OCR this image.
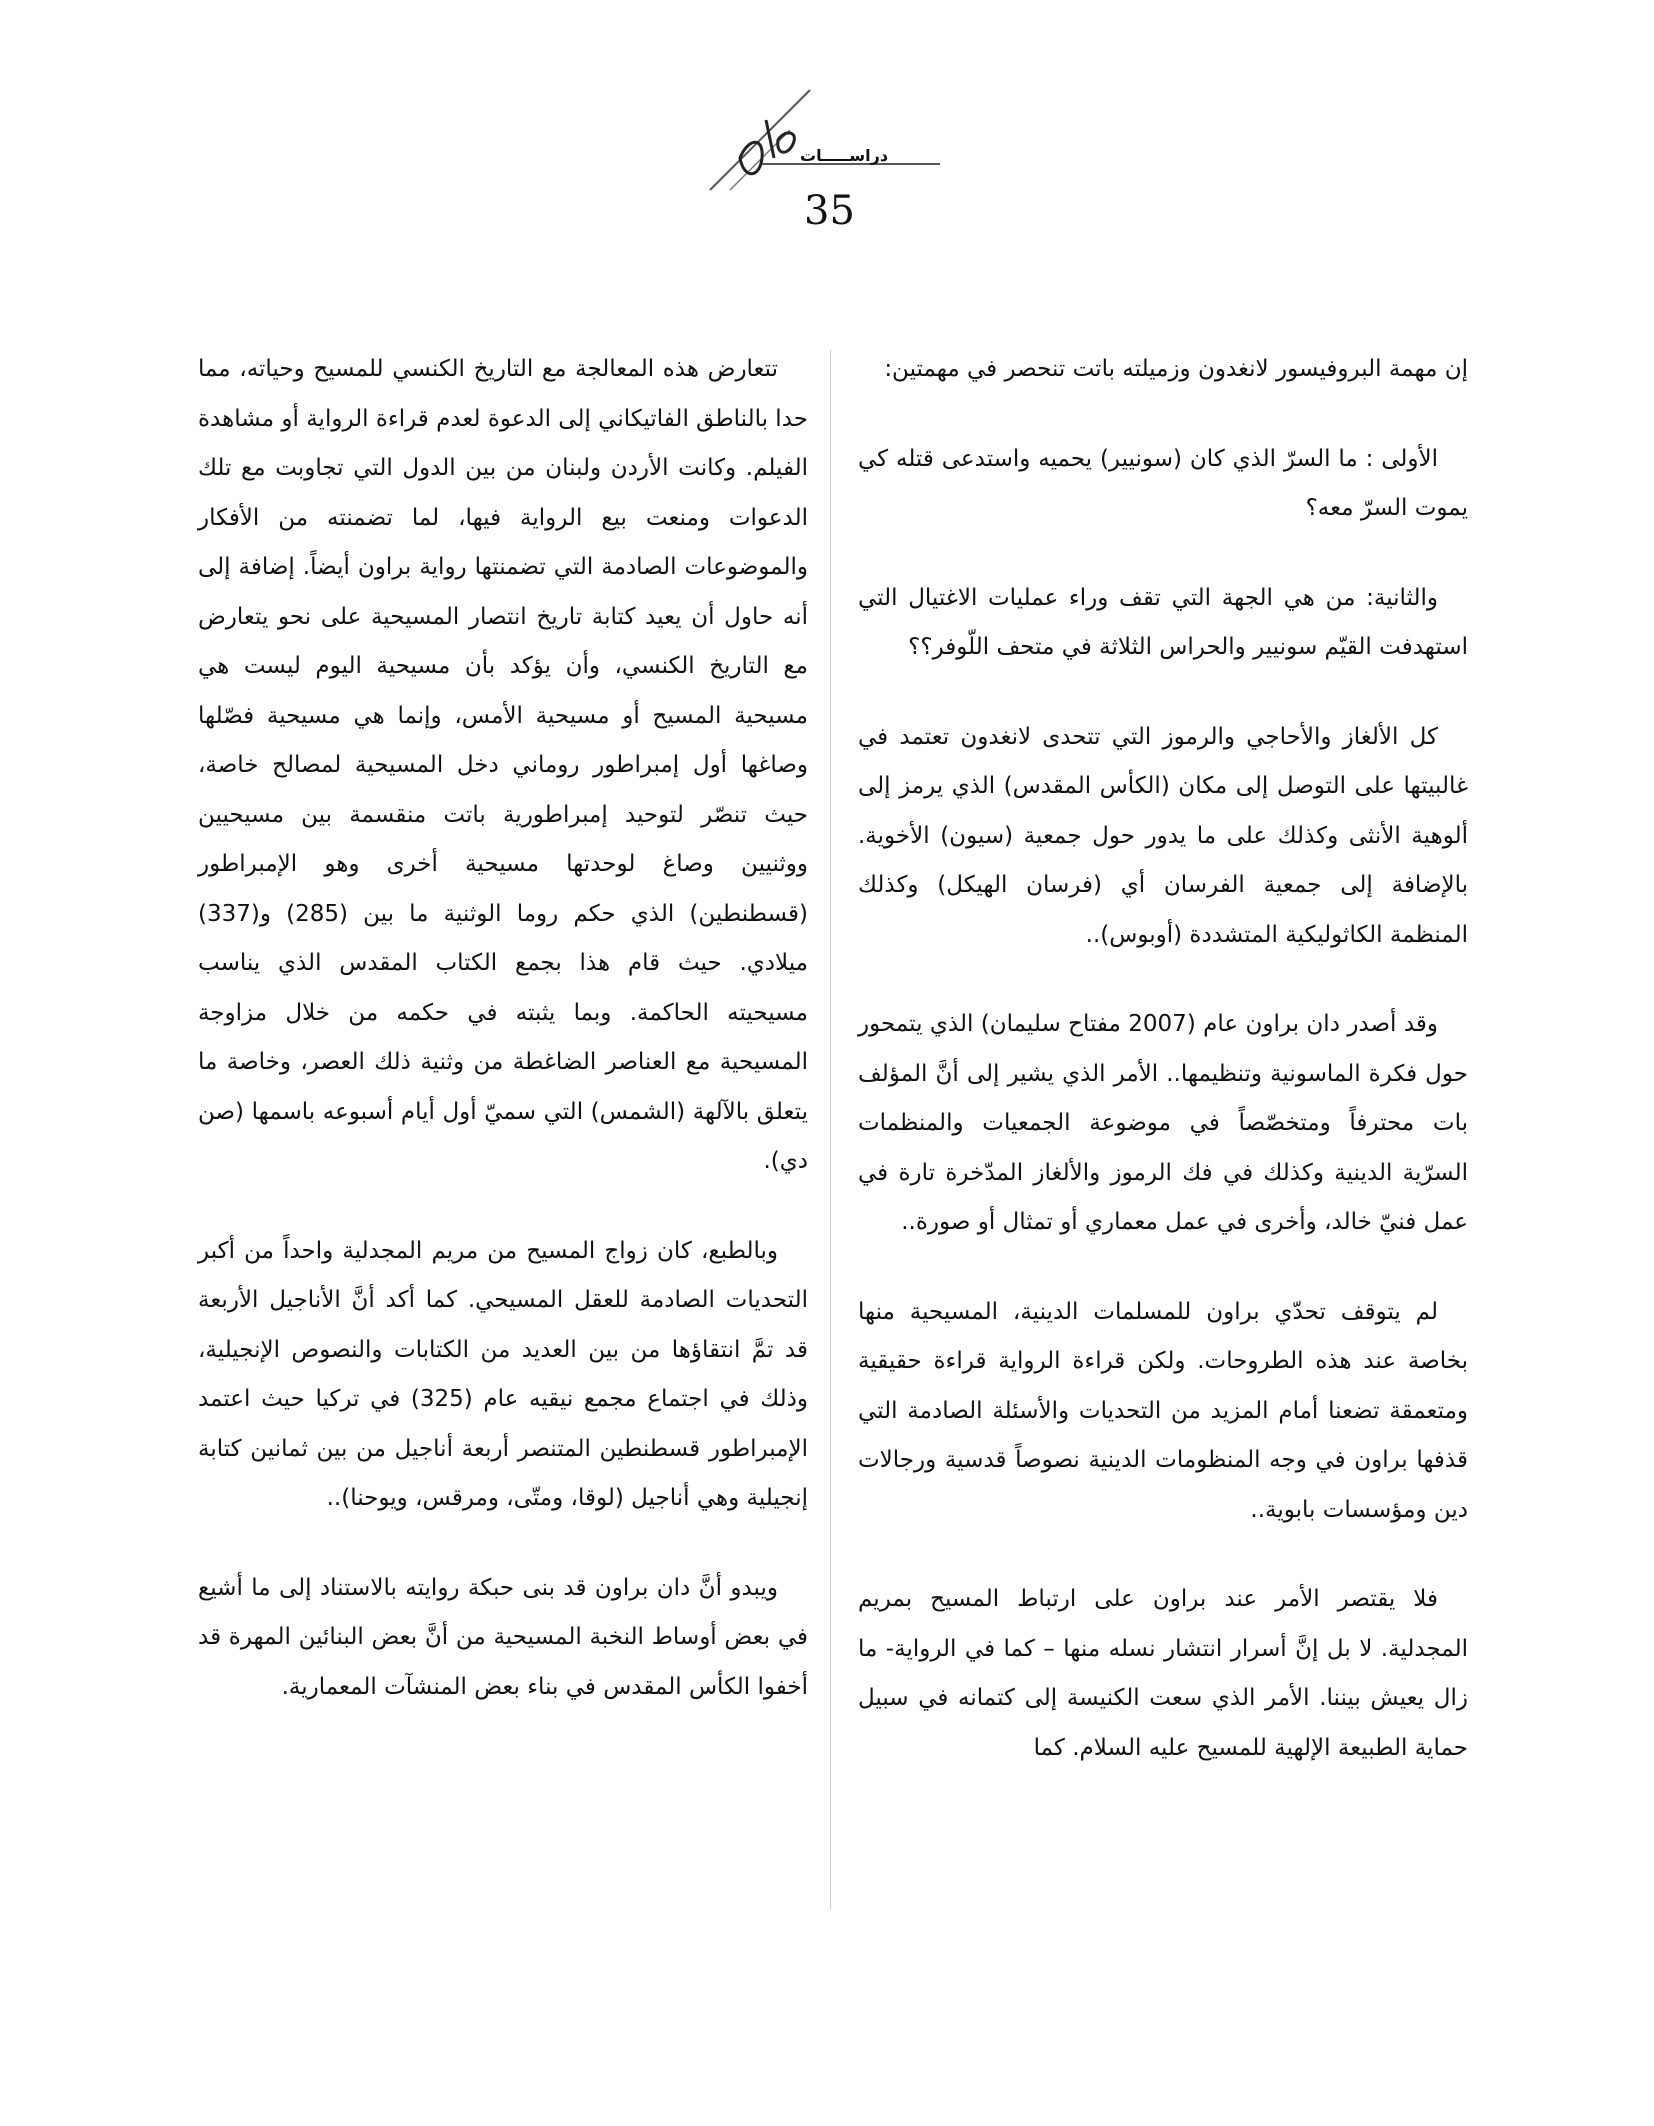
دراســـــات
35

إن مهمة البروفيسور لانغدون وزميلته باتت تنحصر في مهمتين:

الأولى : ما السرّ الذي كان (سونيير) يحميه واستدعى قتله كي يموت السرّ معه؟

والثانية: من هي الجهة التي تقف وراء عمليات الاغتيال التي استهدفت القيّم سونيير والحراس الثلاثة في متحف اللّوفر؟؟

كل الألغاز والأحاجي والرموز التي تتحدى لانغدون تعتمد في غالبيتها على التوصل إلى مكان (الكأس المقدس) الذي يرمز إلى ألوهية الأنثى وكذلك على ما يدور حول جمعية (سيون) الأخوية. بالإضافة إلى جمعية الفرسان أي (فرسان الهيكل) وكذلك المنظمة الكاثوليكية المتشددة (أوبوس)..

وقد أصدر دان براون عام (2007 مفتاح سليمان) الذي يتمحور حول فكرة الماسونية وتنظيمها.. الأمر الذي يشير إلى أنَّ المؤلف بات محترفاً ومتخصّصاً في موضوعة الجمعيات والمنظمات السرّية الدينية وكذلك في فك الرموز والألغاز المدّخرة تارة في عمل فنيّ خالد، وأخرى في عمل معماري أو تمثال أو صورة..

لم يتوقف تحدّي براون للمسلمات الدينية، المسيحية منها بخاصة عند هذه الطروحات. ولكن قراءة الرواية قراءة حقيقية ومتعمقة تضعنا أمام المزيد من التحديات والأسئلة الصادمة التي قذفها براون في وجه المنظومات الدينية نصوصاً قدسية ورجالات دين ومؤسسات بابوية..

فلا يقتصر الأمر عند براون على ارتباط المسيح بمريم المجدلية. لا بل إنَّ أسرار انتشار نسله منها – كما في الرواية- ما زال يعيش بيننا. الأمر الذي سعت الكنيسة إلى كتمانه في سبيل حماية الطبيعة الإلهية للمسيح عليه السلام. كما

تتعارض هذه المعالجة مع التاريخ الكنسي للمسيح وحياته، مما حدا بالناطق الفاتيكاني إلى الدعوة لعدم قراءة الرواية أو مشاهدة الفيلم. وكانت الأردن ولبنان من بين الدول التي تجاوبت مع تلك الدعوات ومنعت بيع الرواية فيها، لما تضمنته من الأفكار والموضوعات الصادمة التي تضمنتها رواية براون أيضاً. إضافة إلى أنه حاول أن يعيد كتابة تاريخ انتصار المسيحية على نحو يتعارض مع التاريخ الكنسي، وأن يؤكد بأن مسيحية اليوم ليست هي مسيحية المسيح أو مسيحية الأمس، وإنما هي مسيحية فصّلها وصاغها أول إمبراطور روماني دخل المسيحية لمصالح خاصة، حيث تنصّر لتوحيد إمبراطورية باتت منقسمة بين مسيحيين ووثنيين وصاغ لوحدتها مسيحية أخرى وهو الإمبراطور (قسطنطين) الذي حكم روما الوثنية ما بين (285) و(337) ميلادي. حيث قام هذا بجمع الكتاب المقدس الذي يناسب مسيحيته الحاكمة. وبما يثبته في حكمه من خلال مزاوجة المسيحية مع العناصر الضاغطة من وثنية ذلك العصر، وخاصة ما يتعلق بالآلهة (الشمس) التي سميّ أول أيام أسبوعه باسمها (صن دي).

وبالطبع، كان زواج المسيح من مريم المجدلية واحداً من أكبر التحديات الصادمة للعقل المسيحي. كما أكد أنَّ الأناجيل الأربعة قد تمَّ انتقاؤها من بين العديد من الكتابات والنصوص الإنجيلية، وذلك في اجتماع مجمع نيقيه عام (325) في تركيا حيث اعتمد الإمبراطور قسطنطين المتنصر أربعة أناجيل من بين ثمانين كتابة إنجيلية وهي أناجيل (لوقا، ومتّى، ومرقس، ويوحنا)..

ويبدو أنَّ دان براون قد بنى حبكة روايته بالاستناد إلى ما أشيع في بعض أوساط النخبة المسيحية من أنَّ بعض البنائين المهرة قد أخفوا الكأس المقدس في بناء بعض المنشآت المعمارية.
